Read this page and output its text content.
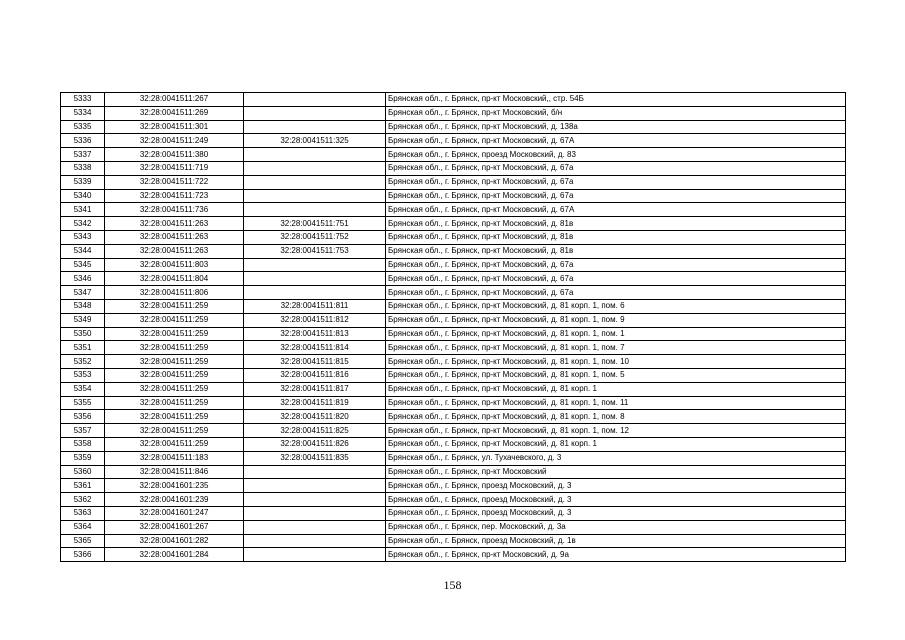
5333	32:28:0041511:267		Брянская обл., г. Брянск, пр-кт Московский,, стр. 54Б
5334	32:28:0041511:269		Брянская обл., г. Брянск, пр-кт Московский, б/н
5335	32:28:0041511:301		Брянская обл., г. Брянск, пр-кт Московский, д. 138а
5336	32:28:0041511:249	32:28:0041511:325	Брянская обл., г. Брянск, пр-кт Московский, д. 67А
5337	32:28:0041511:380		Брянская обл., г. Брянск, проезд Московский, д. 83
5338	32:28:0041511:719		Брянская обл., г. Брянск, пр-кт Московский, д. 67а
5339	32:28:0041511:722		Брянская обл., г. Брянск, пр-кт Московский, д. 67а
5340	32:28:0041511:723		Брянская обл., г. Брянск, пр-кт Московский, д. 67а
5341	32:28:0041511:736		Брянская обл., г. Брянск, пр-кт Московский, д. 67А
5342	32:28:0041511:263	32:28:0041511:751	Брянская обл., г. Брянск, пр-кт Московский, д. 81в
5343	32:28:0041511:263	32:28:0041511:752	Брянская обл., г. Брянск, пр-кт Московский, д. 81в
5344	32:28:0041511:263	32:28:0041511:753	Брянская обл., г. Брянск, пр-кт Московский, д. 81в
5345	32:28:0041511:803		Брянская обл., г. Брянск, пр-кт Московский, д. 67а
5346	32:28:0041511:804		Брянская обл., г. Брянск, пр-кт Московский, д. 67а
5347	32:28:0041511:806		Брянская обл., г. Брянск, пр-кт Московский, д. 67а
5348	32:28:0041511:259	32:28:0041511:811	Брянская обл., г. Брянск, пр-кт Московский, д. 81 корп. 1, пом. 6
5349	32:28:0041511:259	32:28:0041511:812	Брянская обл., г. Брянск, пр-кт Московский, д. 81 корп. 1, пом. 9
5350	32:28:0041511:259	32:28:0041511:813	Брянская обл., г. Брянск, пр-кт Московский, д. 81 корп. 1, пом. 1
5351	32:28:0041511:259	32:28:0041511:814	Брянская обл., г. Брянск, пр-кт Московский, д. 81 корп. 1, пом. 7
5352	32:28:0041511:259	32:28:0041511:815	Брянская обл., г. Брянск, пр-кт Московский, д. 81 корп. 1, пом. 10
5353	32:28:0041511:259	32:28:0041511:816	Брянская обл., г. Брянск, пр-кт Московский, д. 81 корп. 1, пом. 5
5354	32:28:0041511:259	32:28:0041511:817	Брянская обл., г. Брянск, пр-кт Московский, д. 81 корп. 1
5355	32:28:0041511:259	32:28:0041511:819	Брянская обл., г. Брянск, пр-кт Московский, д. 81 корп. 1, пом. 11
5356	32:28:0041511:259	32:28:0041511:820	Брянская обл., г. Брянск, пр-кт Московский, д. 81 корп. 1, пом. 8
5357	32:28:0041511:259	32:28:0041511:825	Брянская обл., г. Брянск, пр-кт Московский, д. 81 корп. 1, пом. 12
5358	32:28:0041511:259	32:28:0041511:826	Брянская обл., г. Брянск, пр-кт Московский, д. 81 корп. 1
5359	32:28:0041511:183	32:28:0041511:835	Брянская обл., г. Брянск, ул. Тухачевского, д. 3
5360	32:28:0041511:846		Брянская обл., г. Брянск, пр-кт Московский
5361	32:28:0041601:235		Брянская обл., г. Брянск, проезд Московский, д. 3
5362	32:28:0041601:239		Брянская обл., г. Брянск, проезд Московский, д. 3
5363	32:28:0041601:247		Брянская обл., г. Брянск, проезд Московский, д. 3
5364	32:28:0041601:267		Брянская обл., г. Брянск, пер. Московский, д. 3а
5365	32:28:0041601:282		Брянская обл., г. Брянск, проезд Московский, д. 1в
5366	32:28:0041601:284		Брянская обл., г. Брянск, пр-кт Московский, д. 9а
158
